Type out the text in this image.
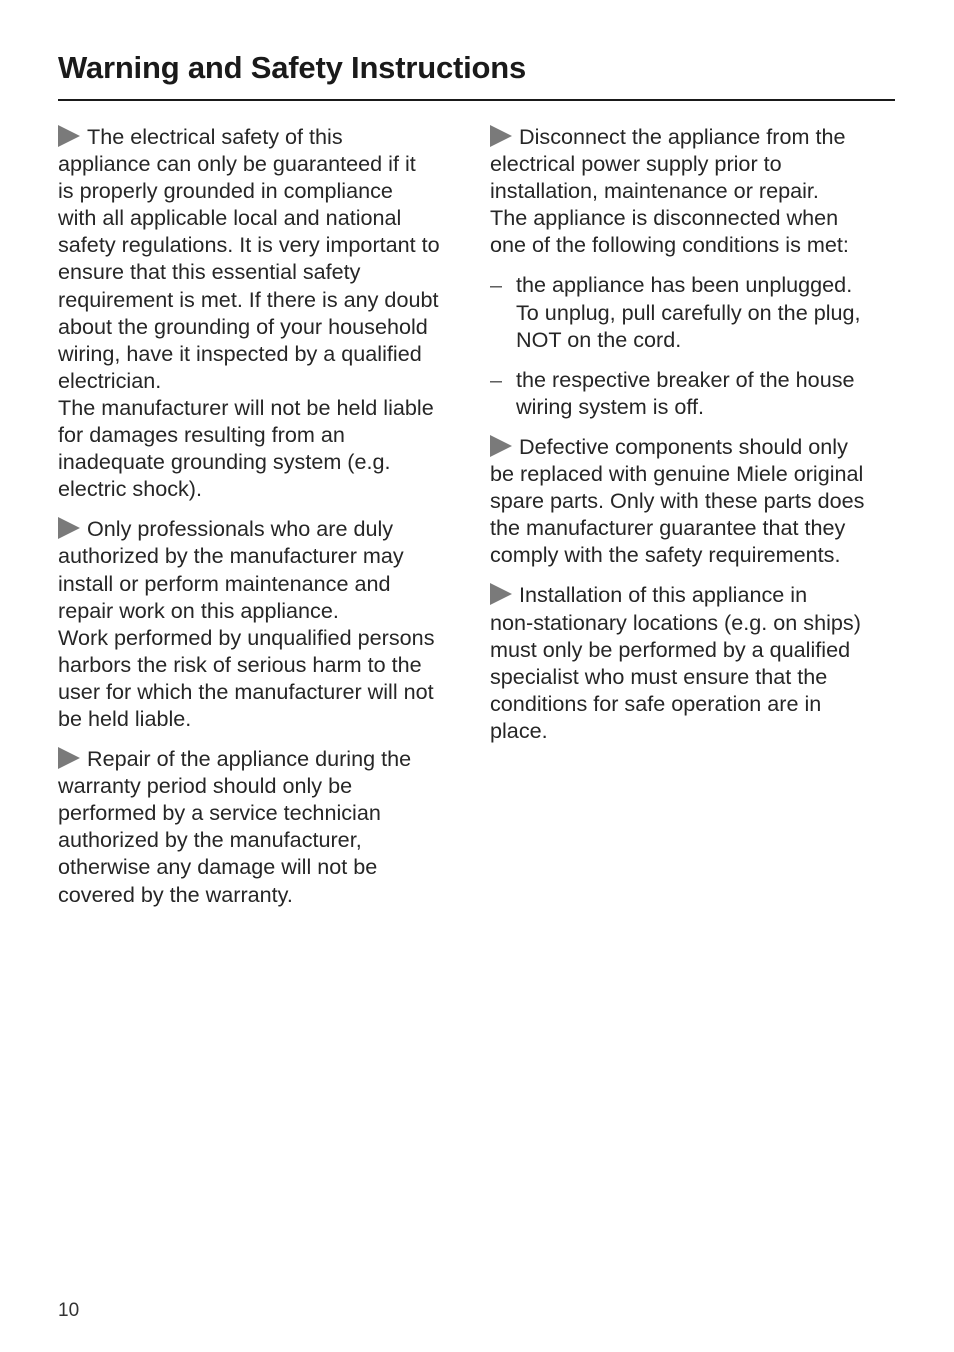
Warning and Safety Instructions

The electrical safety of this
appliance can only be guaranteed if it
is properly grounded in compliance
with all applicable local and national
safety regulations. It is very important to
ensure that this essential safety
requirement is met. If there is any doubt
about the grounding of your household
wiring, have it inspected by a qualified
electrician.
The manufacturer will not be held liable
for damages resulting from an
inadequate grounding system (e.g.
electric shock).

Only professionals who are duly
authorized by the manufacturer may
install or perform maintenance and
repair work on this appliance.
Work performed by unqualified persons
harbors the risk of serious harm to the
user for which the manufacturer will not
be held liable.

Repair of the appliance during the
warranty period should only be
performed by a service technician
authorized by the manufacturer,
otherwise any damage will not be
covered by the warranty.

Disconnect the appliance from the
electrical power supply prior to
installation, maintenance or repair.
The appliance is disconnected when
one of the following conditions is met:

– the appliance has been unplugged.
To unplug, pull carefully on the plug,
NOT on the cord.
– the respective breaker of the house
wiring system is off.

Defective components should only
be replaced with genuine Miele original
spare parts. Only with these parts does
the manufacturer guarantee that they
comply with the safety requirements.

Installation of this appliance in
non-stationary locations (e.g. on ships)
must only be performed by a qualified
specialist who must ensure that the
conditions for safe operation are in
place.

10
